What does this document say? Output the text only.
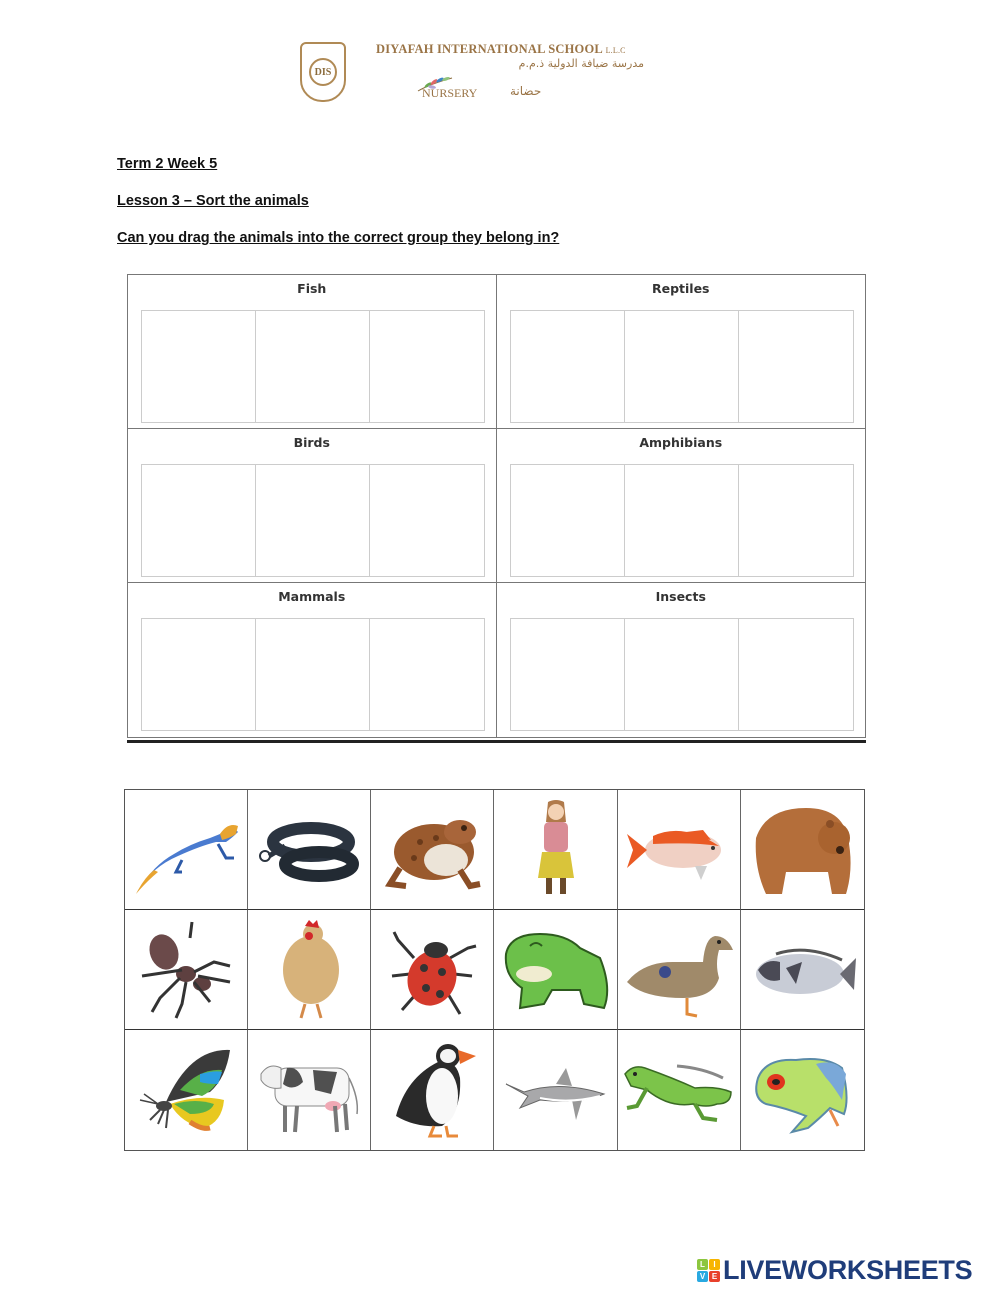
DIS
DIYAFAH INTERNATIONAL SCHOOL L.L.C
مدرسة ضيافة الدولية ذ.م.م
NURSERY	حضانة
Term 2 Week 5
Lesson 3 – Sort the animals
Can you drag the animals into the correct group they belong in?
Fish	Reptiles
Birds	Amphibians
Mammals	Insects
L	I
V E LIVEWORKSHEETS
